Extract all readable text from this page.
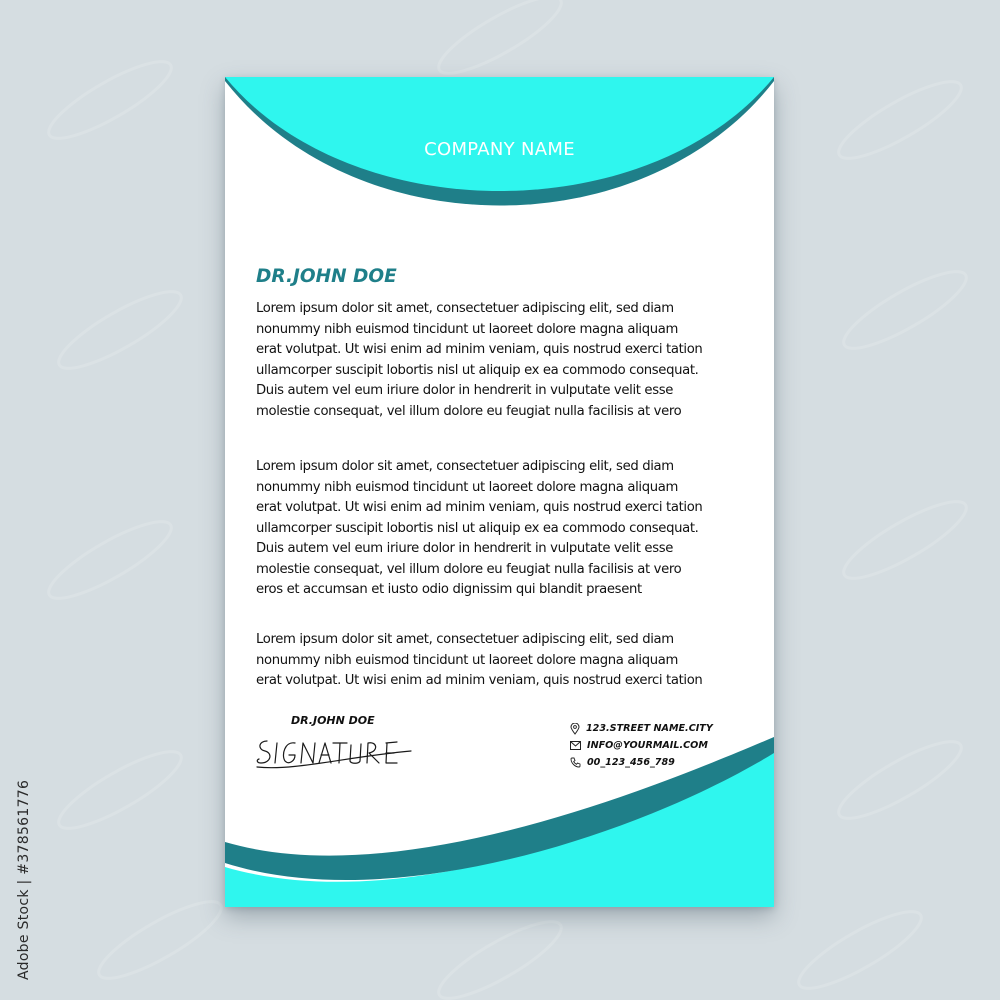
Adobe Stock | #378561776
COMPANY NAME
DR.JOHN DOE

Lorem ipsum dolor sit amet, consectetuer adipiscing elit, sed diam
nonummy nibh euismod tincidunt ut laoreet dolore magna aliquam
erat volutpat. Ut wisi enim ad minim veniam, quis nostrud exerci tation
ullamcorper suscipit lobortis nisl ut aliquip ex ea commodo consequat.
Duis autem vel eum iriure dolor in hendrerit in vulputate velit esse
molestie consequat, vel illum dolore eu feugiat nulla facilisis at vero

Lorem ipsum dolor sit amet, consectetuer adipiscing elit, sed diam
nonummy nibh euismod tincidunt ut laoreet dolore magna aliquam
erat volutpat. Ut wisi enim ad minim veniam, quis nostrud exerci tation
ullamcorper suscipit lobortis nisl ut aliquip ex ea commodo consequat.
Duis autem vel eum iriure dolor in hendrerit in vulputate velit esse
molestie consequat, vel illum dolore eu feugiat nulla facilisis at vero
eros et accumsan et iusto odio dignissim qui blandit praesent

Lorem ipsum dolor sit amet, consectetuer adipiscing elit, sed diam
nonummy nibh euismod tincidunt ut laoreet dolore magna aliquam
erat volutpat. Ut wisi enim ad minim veniam, quis nostrud exerci tation

DR.JOHN DOE
123.STREET NAME.CITY
INFO@YOURMAIL.COM
00_123_456_789
